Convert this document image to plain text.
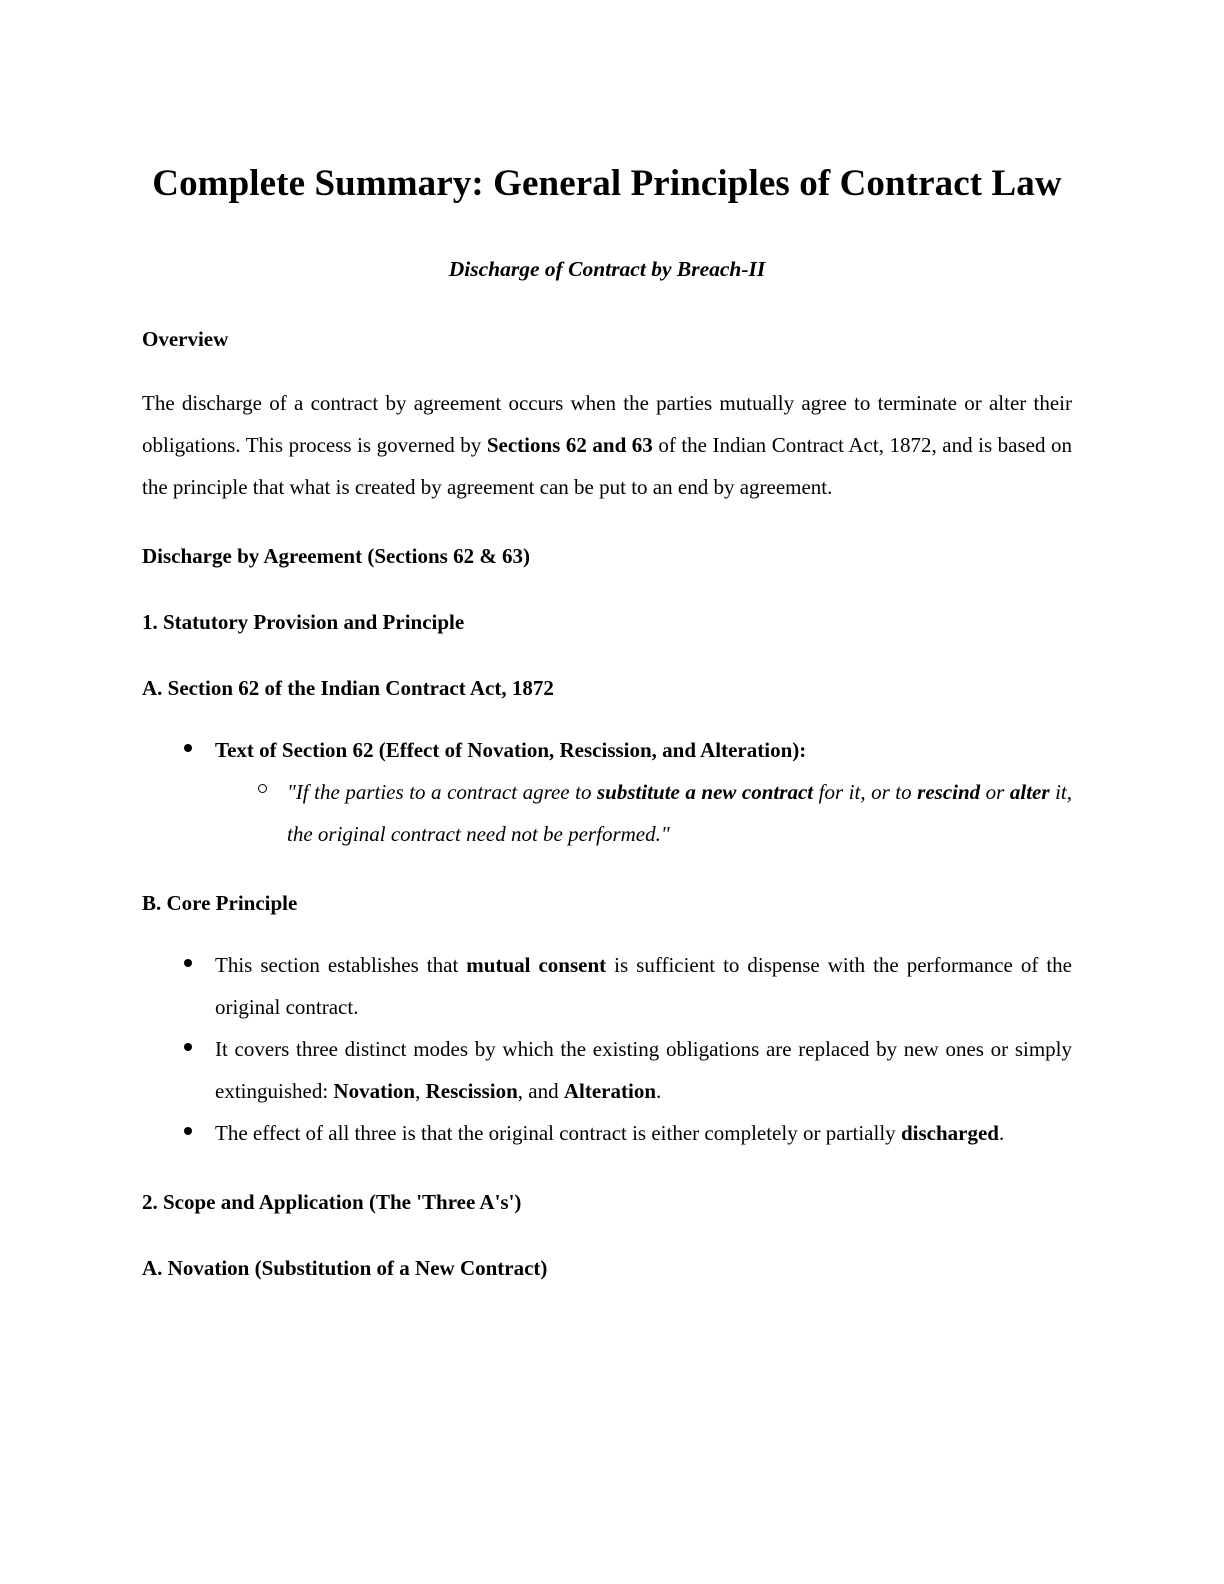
Complete Summary: General Principles of Contract Law
Discharge of Contract by Breach-II
Overview

The discharge of a contract by agreement occurs when the parties mutually agree to terminate or alter their obligations. This process is governed by Sections 62 and 63 of the Indian Contract Act, 1872, and is based on the principle that what is created by agreement can be put to an end by agreement.

Discharge by Agreement (Sections 62 & 63)
1. Statutory Provision and Principle
A. Section 62 of the Indian Contract Act, 1872
Text of Section 62 (Effect of Novation, Rescission, and Alteration):
"If the parties to a contract agree to substitute a new contract for it, or to rescind or alter it, the original contract need not be performed."
B. Core Principle
This section establishes that mutual consent is sufficient to dispense with the performance of the original contract.
It covers three distinct modes by which the existing obligations are replaced by new ones or simply extinguished: Novation, Rescission, and Alteration.
The effect of all three is that the original contract is either completely or partially discharged.
2. Scope and Application (The 'Three A's')
A. Novation (Substitution of a New Contract)
